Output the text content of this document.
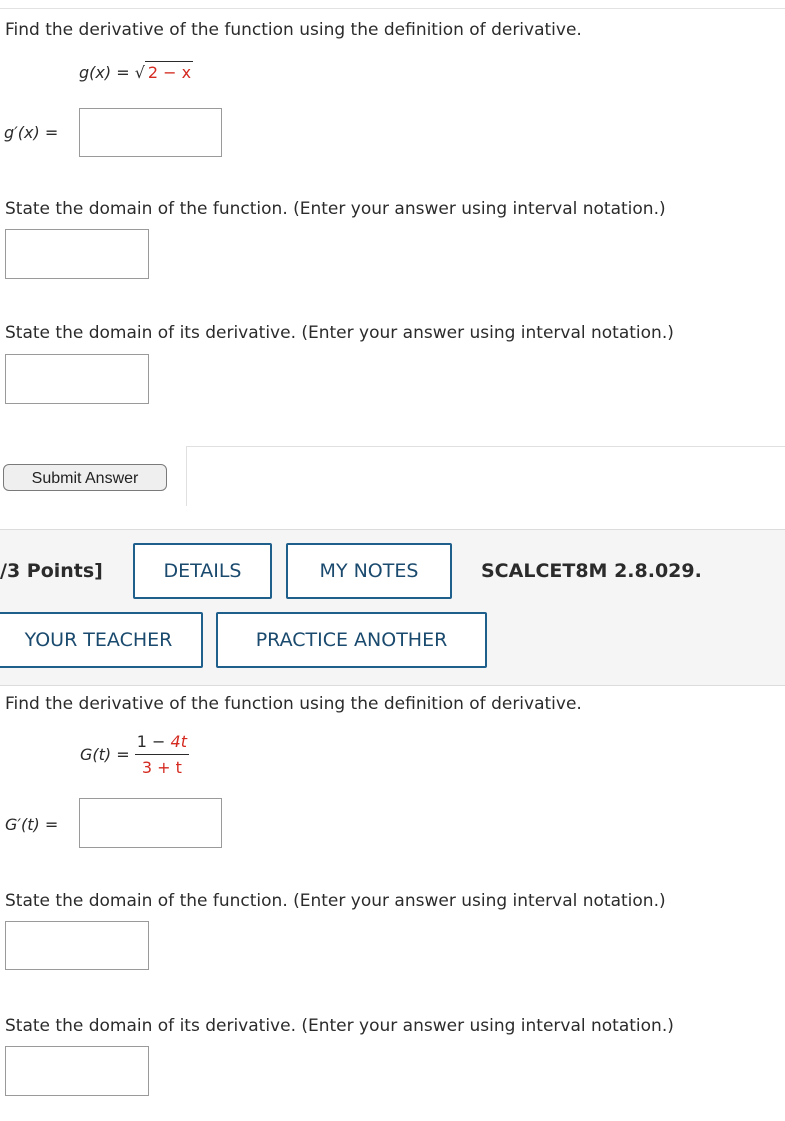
Find the derivative of the function using the definition of derivative.
g(x) = √ 2 − x
g′(x) =
State the domain of the function. (Enter your answer using interval notation.)
State the domain of its derivative. (Enter your answer using interval notation.)
Submit Answer
/3 Points]	DETAILS	MY NOTES	SCALCET8M 2.8.029.
YOUR TEACHER	PRACTICE ANOTHER
Find the derivative of the function using the definition of derivative.
$G(t) = \frac{1 - 4t}{3 + t}$
G′(t) =
State the domain of the function. (Enter your answer using interval notation.)
State the domain of its derivative. (Enter your answer using interval notation.)
